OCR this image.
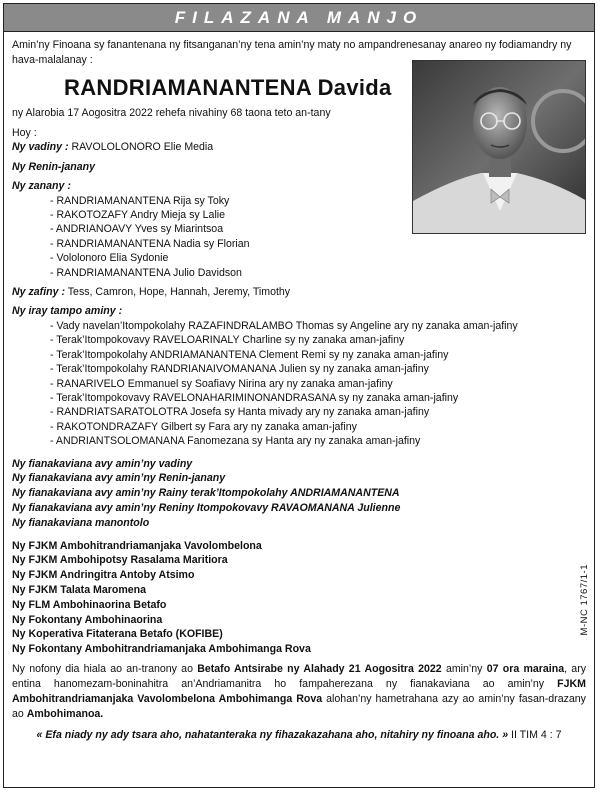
FILAZANA MANJO

Amin’ny Finoana sy fanantenana ny fitsanganan’ny tena amin’ny maty no ampandrenesanay anareo ny fodiamandry ny hava-malalanay :

RANDRIAMANANTENA Davida

ny Alarobia 17 Aogositra 2022 rehefa nivahiny 68 taona teto an-tany

Hoy :

Ny vadiny : RAVOLOLONORO Elie Media

Ny Renin-janany

Ny zanany :

- RANDRIAMANANTENA Rija sy Toky
- RAKOTOZAFY Andry Mieja sy Lalie
- ANDRIANOAVY Yves sy Miarintsoa
- RANDRIAMANANTENA Nadia sy Florian
- Vololonoro Elia Sydonie
- RANDRIAMANANTENA Julio Davidson

Ny zafiny : Tess, Camron, Hope, Hannah, Jeremy, Timothy

Ny iray tampo aminy :

- Vady navelan’Itompokolahy RAZAFINDRALAMBO Thomas sy Angeline ary ny zanaka aman-jafiny
- Terak’Itompokovavy RAVELOARINALY Charline sy ny zanaka aman-jafiny
- Terak’Itompokolahy ANDRIAMANANTENA Clement Remi sy ny zanaka aman-jafiny
- Terak’Itompokolahy RANDRIANAIVOMANANA Julien sy ny zanaka aman-jafiny
- RANARIVELO Emmanuel sy Soafiavy Nirina ary ny zanaka aman-jafiny
- Terak’Itompokovavy RAVELONAHARIMINONANDRASANA sy ny zanaka aman-jafiny
- RANDRIATSARATOLOTRA Josefa sy Hanta mivady ary ny zanaka aman-jafiny
- RAKOTONDRAZAFY Gilbert sy Fara ary ny zanaka aman-jafiny
- ANDRIANTSOLOMANANA Fanomezana sy Hanta ary ny zanaka aman-jafiny
Ny fianakaviana avy amin’ny vadiny
Ny fianakaviana avy amin’ny Renin-janany
Ny fianakaviana avy amin’ny Rainy terak’Itompokolahy ANDRIAMANANTENA
Ny fianakaviana avy amin’ny Reniny Itompokovavy RAVAOMANANA Julienne
Ny fianakaviana manontolo
Ny FJKM Ambohitrandriamanjaka Vavolombelona
Ny FJKM Ambohipotsy Rasalama Maritiora
Ny FJKM Andringitra Antoby Atsimo
Ny FJKM Talata Maromena
Ny FLM Ambohinaorina Betafo
Ny Fokontany Ambohinaorina
Ny Koperativa Fitaterana Betafo (KOFIBE)
Ny Fokontany Ambohitrandriamanjaka Ambohimanga Rova

Ny nofony dia hiala ao an-tranony ao Betafo Antsirabe ny Alahady 21 Aogositra 2022 amin’ny 07 ora maraina, ary entina hanomezam-boninahitra an’Andriamanitra ho fampaherezana ny fianakaviana ao amin’ny FJKM Ambohitrandriamanjaka Vavolombelona Ambohimanga Rova alohan’ny hametrahana azy ao amin’ny fasan-drazany ao Ambohimanoa.

« Efa niady ny ady tsara aho, nahatanteraka ny fihazakazahana aho, nitahiry ny finoana aho. » II TIM 4 : 7

M-NC 1767/1-1
